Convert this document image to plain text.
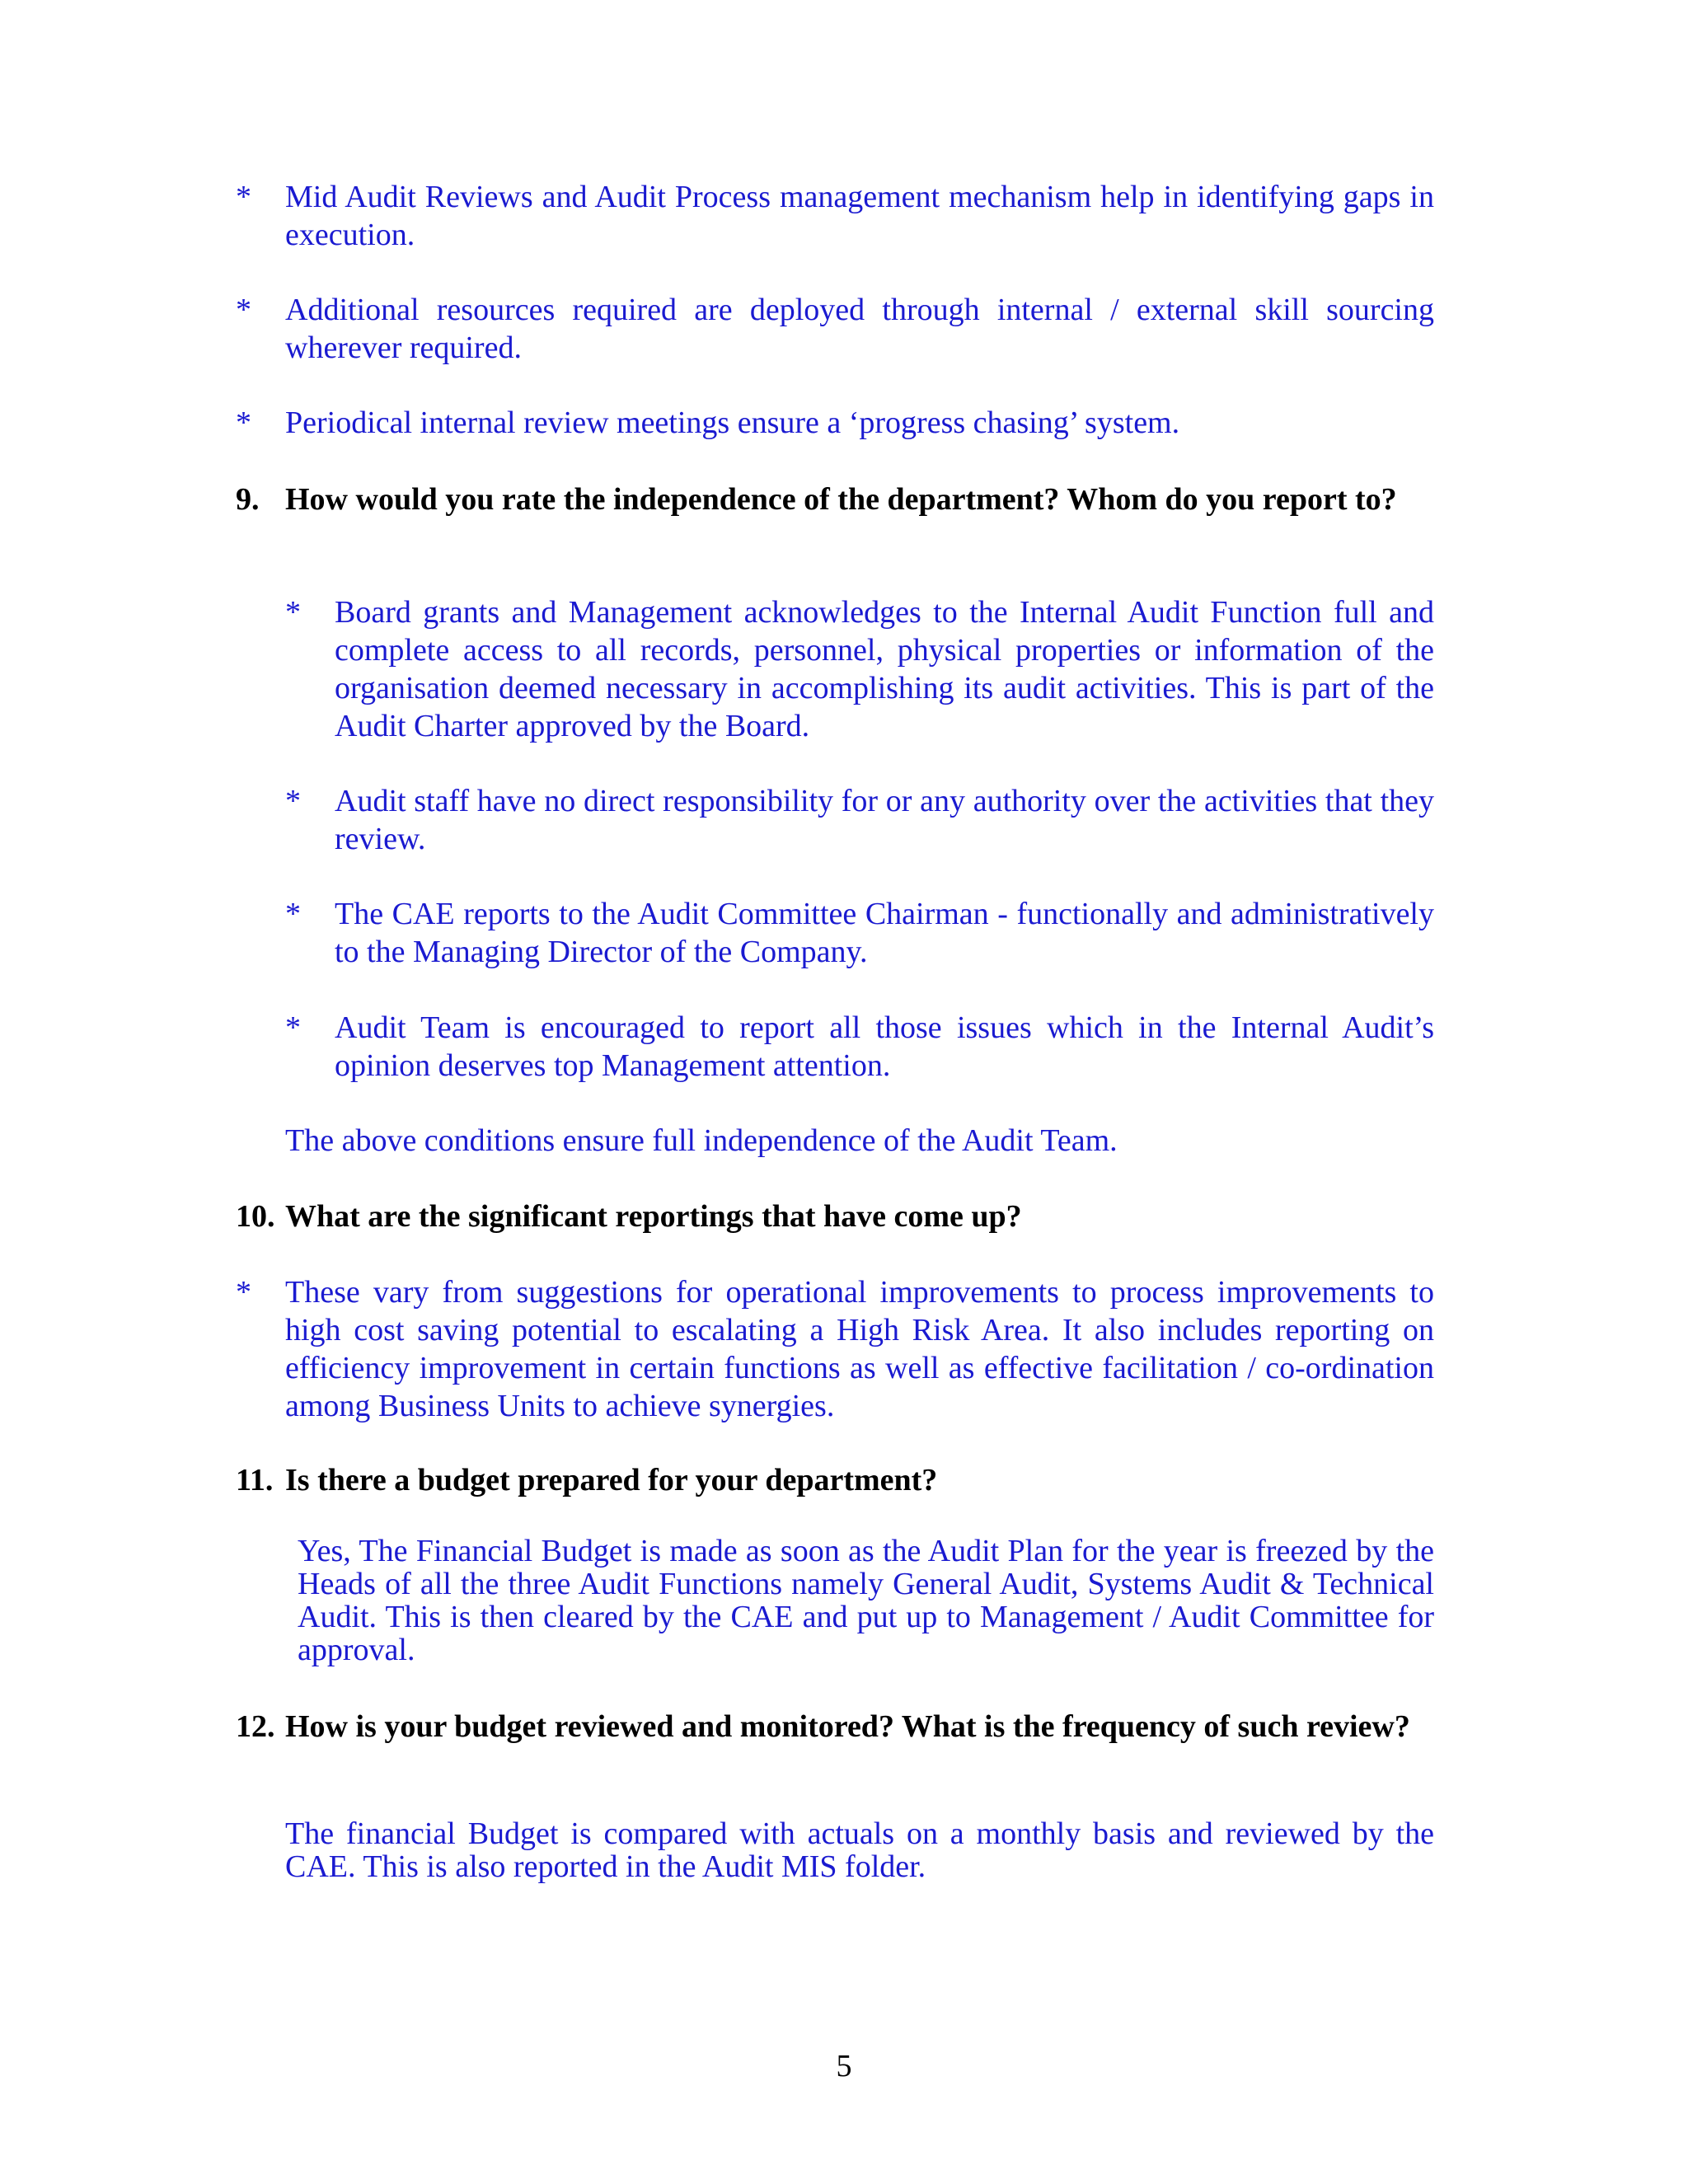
* Mid Audit Reviews and Audit Process management mechanism help in identifying gaps in execution.
* Additional resources required are deployed through internal / external skill sourcing wherever required.
* Periodical internal review meetings ensure a ‘progress chasing’ system.
9. How would you rate the independence of the department? Whom do you report to?
* Board grants and Management acknowledges to the Internal Audit Function full and complete access to all records, personnel, physical properties or information of the organisation deemed necessary in accomplishing its audit activities. This is part of the Audit Charter approved by the Board.
* Audit staff have no direct responsibility for or any authority over the activities that they review.
* The CAE reports to the Audit Committee Chairman - functionally and administratively to the Managing Director of the Company.
* Audit Team is encouraged to report all those issues which in the Internal Audit’s opinion deserves top Management attention.
The above conditions ensure full independence of the Audit Team.
10. What are the significant reportings that have come up?
* These vary from suggestions for operational improvements to process improvements to high cost saving potential to escalating a High Risk Area. It also includes reporting on efficiency improvement in certain functions as well as effective facilitation / co-ordination among Business Units to achieve synergies.
11. Is there a budget prepared for your department?
Yes, The Financial Budget is made as soon as the Audit Plan for the year is freezed by the Heads of all the three Audit Functions namely General Audit, Systems Audit & Technical Audit. This is then cleared by the CAE and put up to Management / Audit Committee for approval.
12. How is your budget reviewed and monitored? What is the frequency of such review?
The financial Budget is compared with actuals on a monthly basis and reviewed by the CAE. This is also reported in the Audit MIS folder.
5
